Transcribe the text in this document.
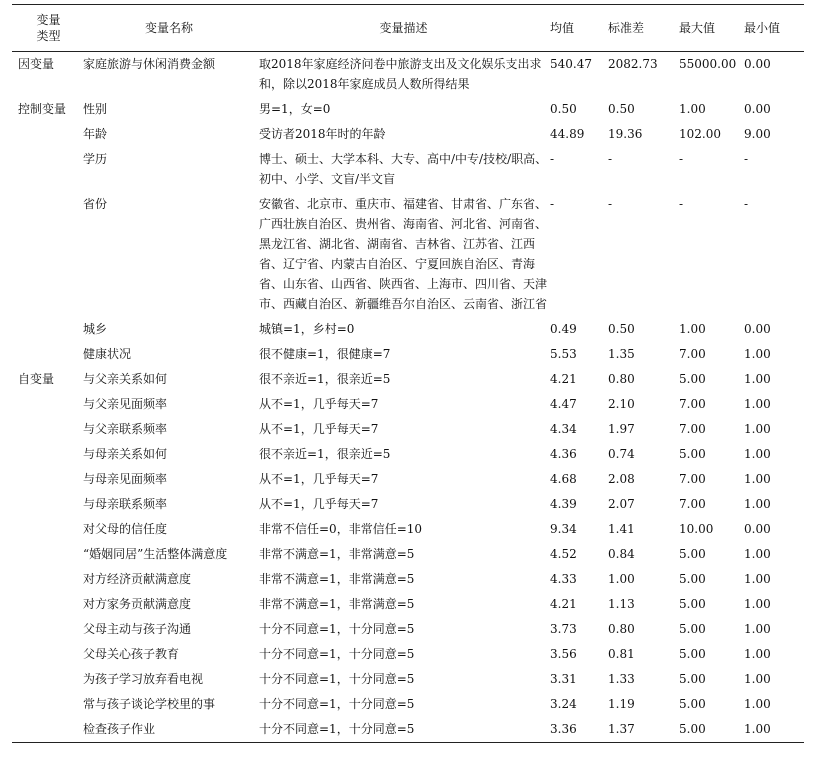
变量
类型	变量名称	变量描述	均值	标准差	最大值	最小值
因变量	家庭旅游与休闲消费金额	取2018年家庭经济问卷中旅游支出及文化娱乐支出求和，除以2018年家庭成员人数所得结果	540.47	2082.73	55000.00	0.00
控制变量	性别	男=1，女=0	0.50	0.50	1.00	0.00
	年龄	受访者2018年时的年龄	44.89	19.36	102.00	9.00
	学历	博士、硕士、大学本科、大专、高中/中专/技校/职高、初中、小学、文盲/半文盲	-	-	-	-
	省份	安徽省、北京市、重庆市、福建省、甘肃省、广东省、广西壮族自治区、贵州省、海南省、河北省、河南省、黑龙江省、湖北省、湖南省、吉林省、江苏省、江西省、辽宁省、内蒙古自治区、宁夏回族自治区、青海省、山东省、山西省、陕西省、上海市、四川省、天津市、西藏自治区、新疆维吾尔自治区、云南省、浙江省	-	-	-	-
	城乡	城镇=1，乡村=0	0.49	0.50	1.00	0.00
	健康状况	很不健康=1，很健康=7	5.53	1.35	7.00	1.00
自变量	与父亲关系如何	很不亲近=1，很亲近=5	4.21	0.80	5.00	1.00
	与父亲见面频率	从不=1，几乎每天=7	4.47	2.10	7.00	1.00
	与父亲联系频率	从不=1，几乎每天=7	4.34	1.97	7.00	1.00
	与母亲关系如何	很不亲近=1，很亲近=5	4.36	0.74	5.00	1.00
	与母亲见面频率	从不=1，几乎每天=7	4.68	2.08	7.00	1.00
	与母亲联系频率	从不=1，几乎每天=7	4.39	2.07	7.00	1.00
	对父母的信任度	非常不信任=0，非常信任=10	9.34	1.41	10.00	0.00
	“婚姻同居”生活整体满意度	非常不满意=1，非常满意=5	4.52	0.84	5.00	1.00
	对方经济贡献满意度	非常不满意=1，非常满意=5	4.33	1.00	5.00	1.00
	对方家务贡献满意度	非常不满意=1，非常满意=5	4.21	1.13	5.00	1.00
	父母主动与孩子沟通	十分不同意=1，十分同意=5	3.73	0.80	5.00	1.00
	父母关心孩子教育	十分不同意=1，十分同意=5	3.56	0.81	5.00	1.00
	为孩子学习放弃看电视	十分不同意=1，十分同意=5	3.31	1.33	5.00	1.00
	常与孩子谈论学校里的事	十分不同意=1，十分同意=5	3.24	1.19	5.00	1.00
	检查孩子作业	十分不同意=1，十分同意=5	3.36	1.37	5.00	1.00
